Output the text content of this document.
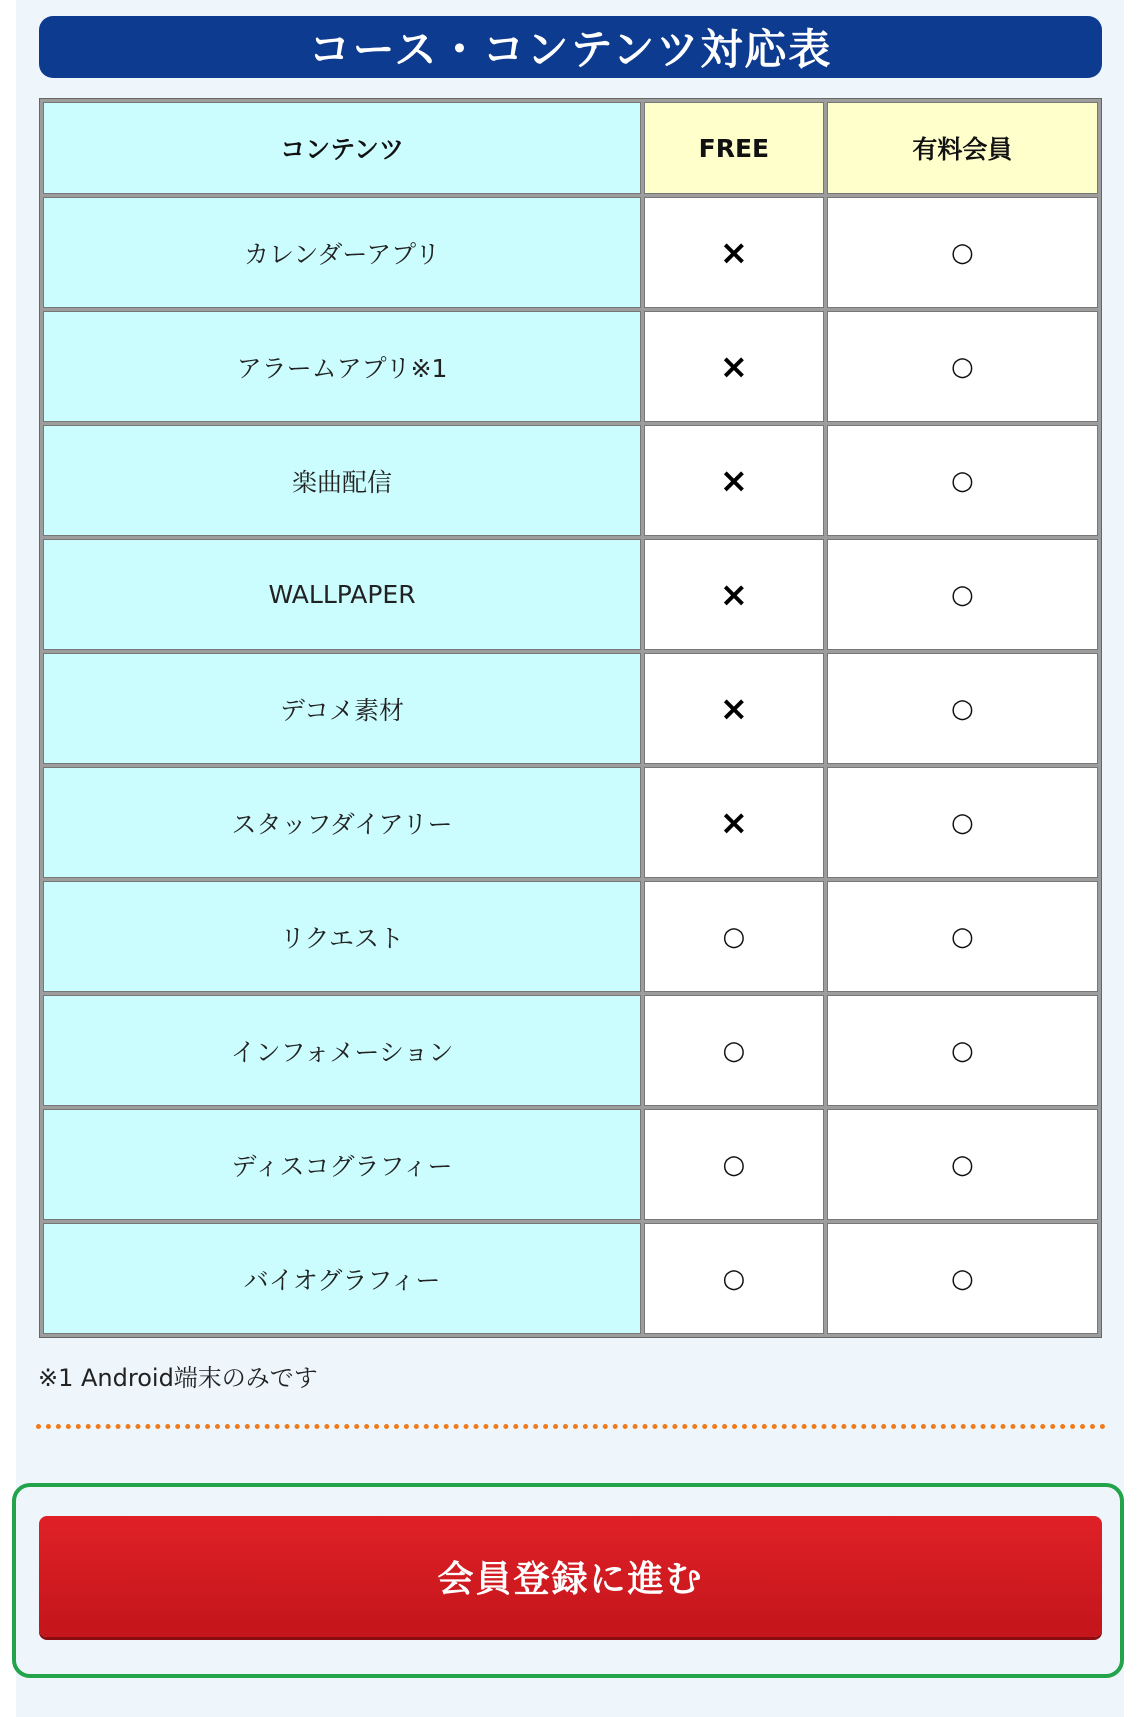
コース・コンテンツ対応表
コンテンツ	FREE	有料会員
カレンダーアプリ	×	○
アラームアプリ※1	×	○
楽曲配信	×	○
WALLPAPER	×	○
デコメ素材	×	○
スタッフダイアリー	×	○
リクエスト	○	○
インフォメーション	○	○
ディスコグラフィー	○	○
バイオグラフィー	○	○
※1 Android端末のみです
会員登録に進む
